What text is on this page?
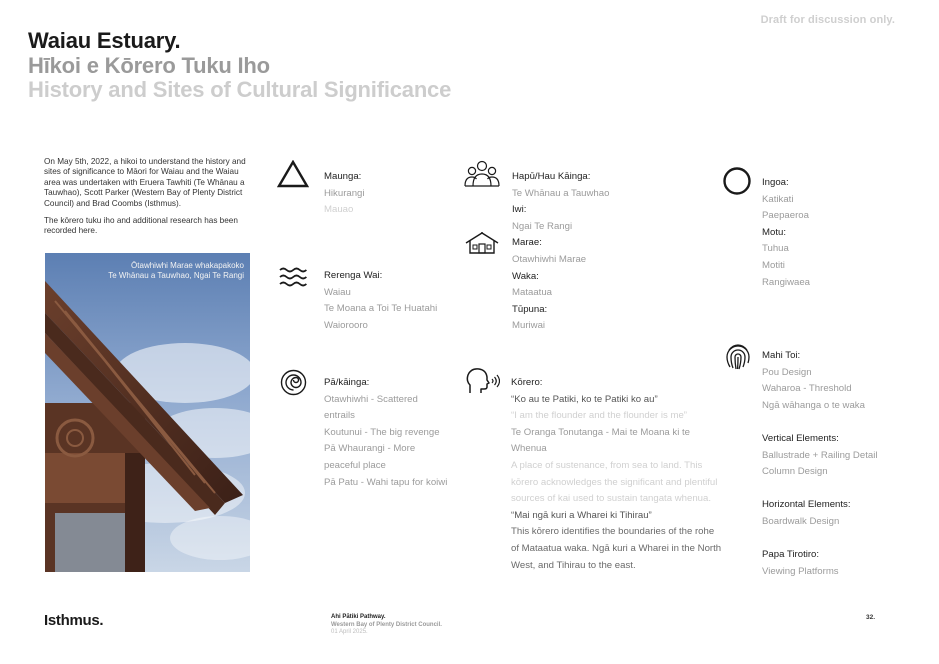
Draft for discussion only.
Waiau Estuary.
Hīkoi e Kōrero Tuku Iho
History and Sites of Cultural Significance

On May 5th, 2022, a hikoi to understand the history and sites of significance to Māori for Waiau and the Waiau area was undertaken with Eruera Tawhiti (Te Whānau a Tauwhao), Scott Parker (Western Bay of Plenty District Council) and Brad Coombs (Isthmus).

The kōrero tuku iho and additional research has been recorded here.

Ōtawhiwhi Marae whakapakoko
Te Whānau a Tauwhao, Ngai Te Rangi
Maunga:
Hikurangi
Mauao
Rerenga Wai:
Waiau
Te Moana a Toi Te Huatahi
Waiorooro
Pā/kāinga:
Otawhiwhi - Scattered
entrails
Koutunui - The big revenge
Pā Whaurangi - More
peaceful place
Pā Patu - Wahi tapu for koiwi
Hapū/Hau Kāinga:
Te Whānau a Tauwhao
Iwi:
Ngai Te Rangi
Marae:
Otawhiwhi Marae
Waka:
Mataatua
Tūpuna:
Muriwai
Kōrero:
“Ko au te Patiki, ko te Patiki ko au”
“I am the flounder and the flounder is me”
Te Oranga Tonutanga - Mai te Moana ki te
Whenua
A place of sustenance, from sea to land. This
kōrero acknowledges the significant and plentiful
sources of kai used to sustain tangata whenua.
“Mai ngā kuri a Wharei ki Tihirau”
This kōrero identifies the boundaries of the rohe
of Mataatua waka. Ngā kuri a Wharei in the North
West, and Tihirau to the east.
Ingoa:
Katikati
Paepaeroa
Motu:
Tuhua
Motiti
Rangiwaea
Mahi Toi:
Pou Design
Waharoa - Threshold
Ngā wāhanga o te waka
Vertical Elements:
Ballustrade + Railing Detail
Column Design
Horizontal Elements:
Boardwalk Design
Papa Tirotiro:
Viewing Platforms
Isthmus.	Ahi Pātiki Pathway.
Western Bay of Plenty District Council.
01 April 2025.
32.
